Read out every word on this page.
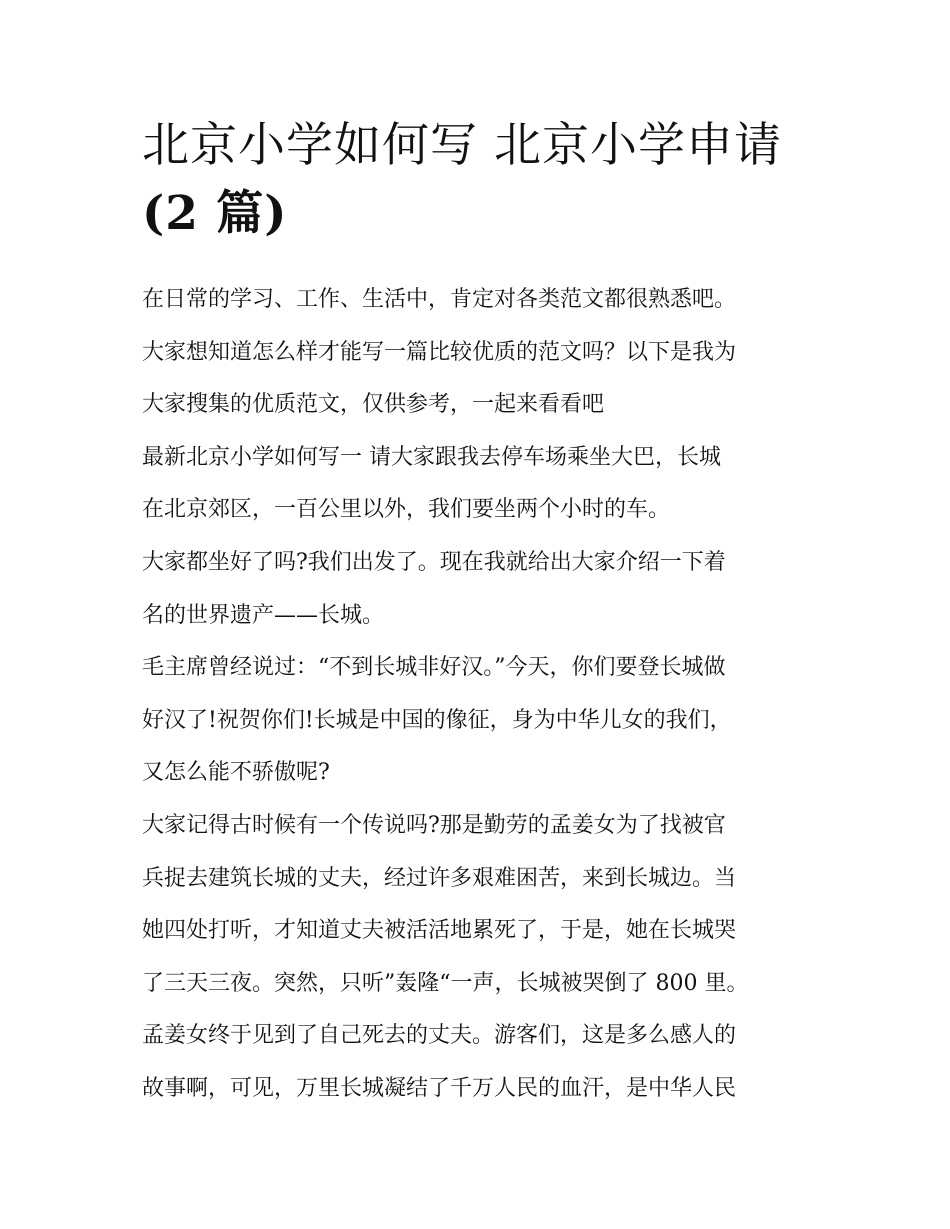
北京小学如何写 北京小学申请
(2 篇)
在日常的学习、工作、生活中，肯定对各类范文都很熟悉吧。
大家想知道怎么样才能写一篇比较优质的范文吗？以下是我为
大家搜集的优质范文，仅供参考，一起来看看吧
最新北京小学如何写一 请大家跟我去停车场乘坐大巴，长城
在北京郊区，一百公里以外，我们要坐两个小时的车。
大家都坐好了吗?我们出发了。现在我就给出大家介绍一下着
名的世界遗产——长城。
毛主席曾经说过：“不到长城非好汉。”今天，你们要登长城做
好汉了!祝贺你们!长城是中国的像征，身为中华儿女的我们，
又怎么能不骄傲呢?
大家记得古时候有一个传说吗?那是勤劳的孟姜女为了找被官
兵捉去建筑长城的丈夫，经过许多艰难困苦，来到长城边。当
她四处打听，才知道丈夫被活活地累死了，于是，她在长城哭
了三天三夜。突然，只听”轰隆“一声，长城被哭倒了 800 里。
孟姜女终于见到了自己死去的丈夫。游客们，这是多么感人的
故事啊，可见，万里长城凝结了千万人民的血汗，是中华人民
